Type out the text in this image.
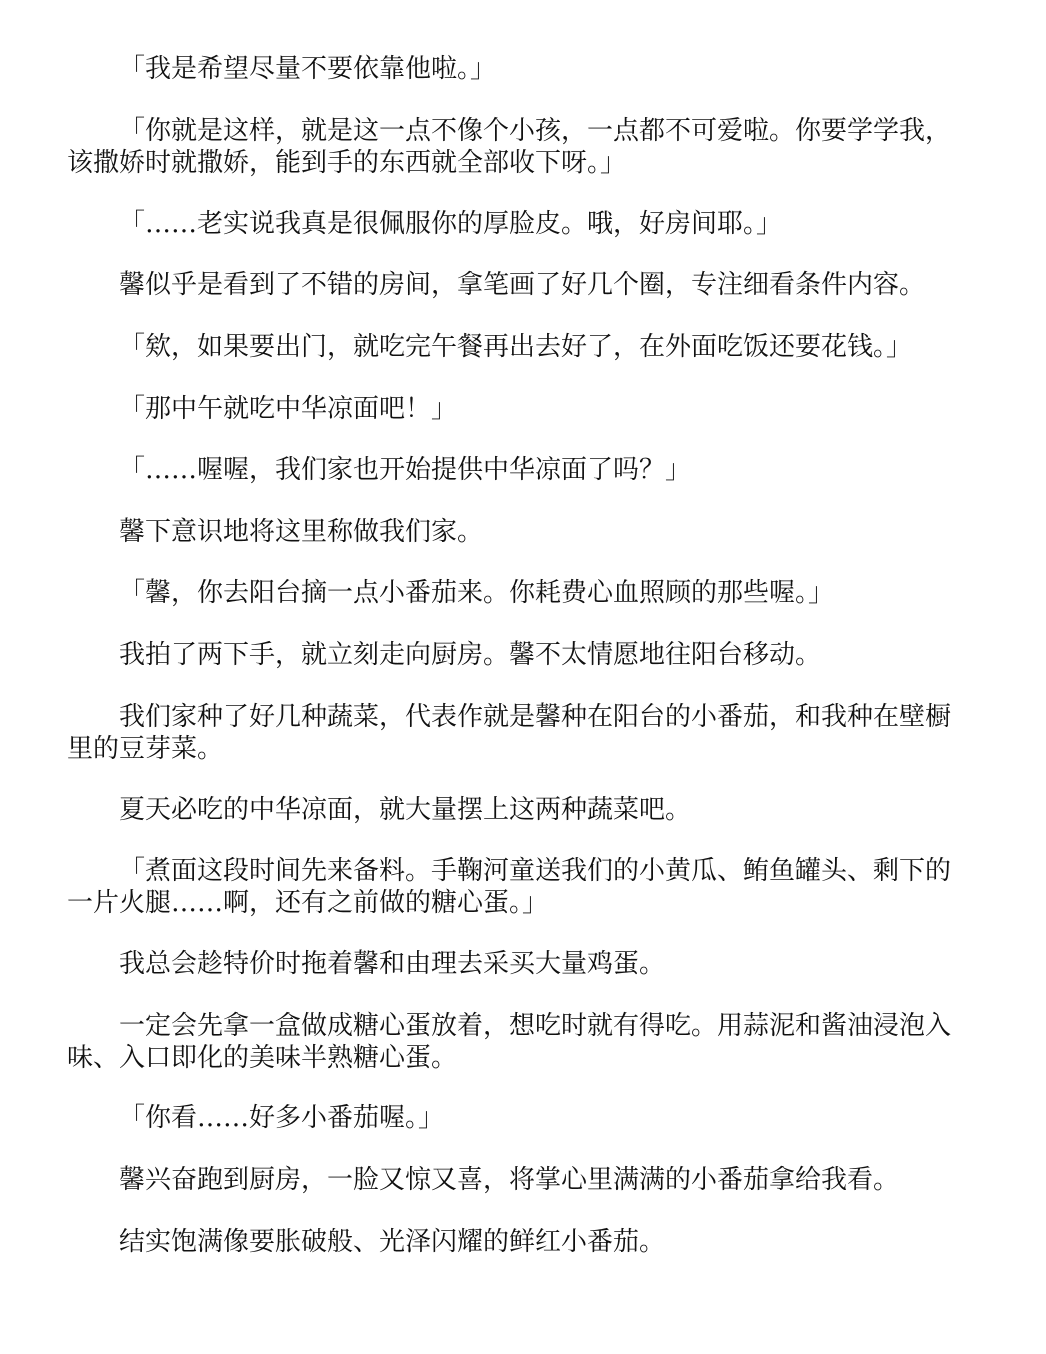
「我是希望尽量不要依靠他啦。」

「你就是这样，就是这一点不像个小孩，一点都不可爱啦。你要学学我，该撒娇时就撒娇，能到手的东西就全部收下呀。」

「……老实说我真是很佩服你的厚脸皮。哦，好房间耶。」

馨似乎是看到了不错的房间，拿笔画了好几个圈，专注细看条件内容。

「欸，如果要出门，就吃完午餐再出去好了，在外面吃饭还要花钱。」

「那中午就吃中华凉面吧！」

「……喔喔，我们家也开始提供中华凉面了吗？」

馨下意识地将这里称做我们家。

「馨，你去阳台摘一点小番茄来。你耗费心血照顾的那些喔。」

我拍了两下手，就立刻走向厨房。馨不太情愿地往阳台移动。

我们家种了好几种蔬菜，代表作就是馨种在阳台的小番茄，和我种在壁橱里的豆芽菜。

夏天必吃的中华凉面，就大量摆上这两种蔬菜吧。

「煮面这段时间先来备料。手鞠河童送我们的小黄瓜、鲔鱼罐头、剩下的一片火腿……啊，还有之前做的糖心蛋。」

我总会趁特价时拖着馨和由理去采买大量鸡蛋。

一定会先拿一盒做成糖心蛋放着，想吃时就有得吃。用蒜泥和酱油浸泡入味、入口即化的美味半熟糖心蛋。

「你看……好多小番茄喔。」

馨兴奋跑到厨房，一脸又惊又喜，将掌心里满满的小番茄拿给我看。

结实饱满像要胀破般、光泽闪耀的鲜红小番茄。
